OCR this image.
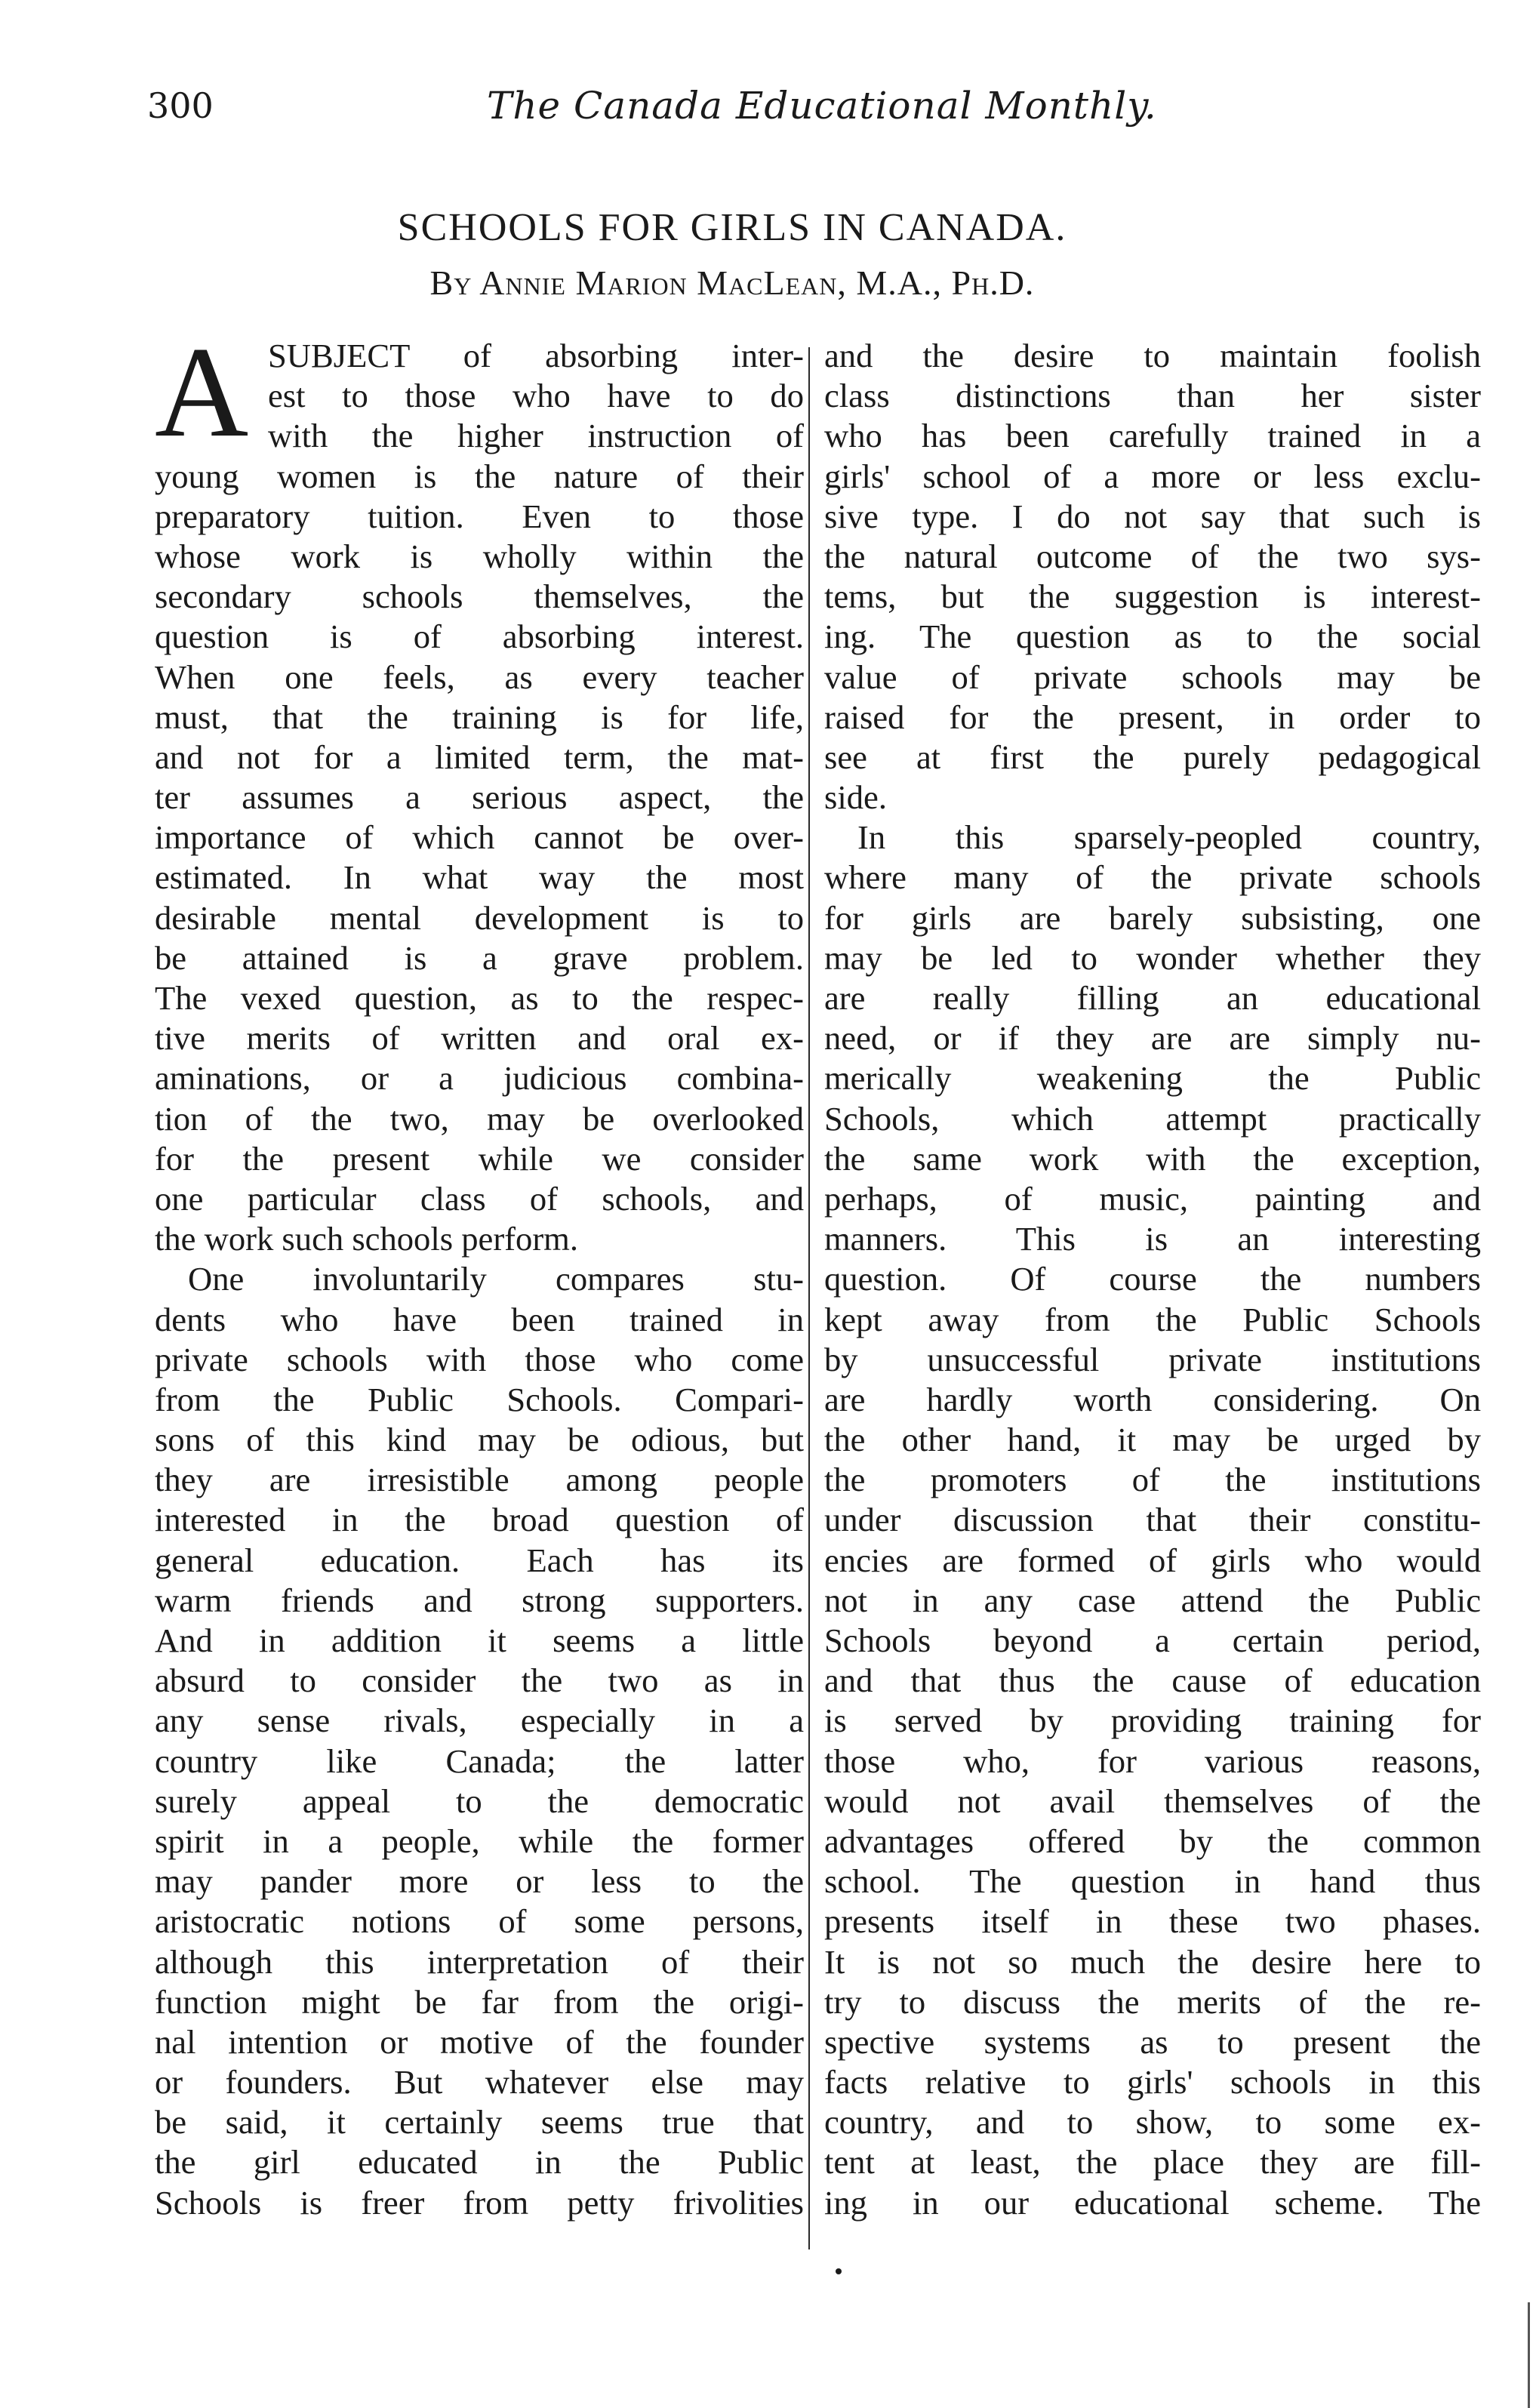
300	The Canada Educational Monthly.
SCHOOLS FOR GIRLS IN CANADA.
By Annie Marion MacLean, M.A., Ph.D.
A SUBJECT of absorbing inter-
est to those who have to do
with the higher instruction of
young women is the nature of their
preparatory tuition. Even to those
whose work is wholly within the
secondary schools themselves, the
question is of absorbing interest.
When one feels, as every teacher
must, that the training is for life,
and not for a limited term, the mat-
ter assumes a serious aspect, the
importance of which cannot be over-
estimated. In what way the most
desirable mental development is to
be attained is a grave problem.
The vexed question, as to the respec-
tive merits of written and oral ex-
aminations, or a judicious combina-
tion of the two, may be overlooked
for the present while we consider
one particular class of schools, and
the work such schools perform.
One involuntarily compares stu-
dents who have been trained in
private schools with those who come
from the Public Schools. Compari-
sons of this kind may be odious, but
they are irresistible among people
interested in the broad question of
general education. Each has its
warm friends and strong supporters.
And in addition it seems a little
absurd to consider the two as in
any sense rivals, especially in a
country like Canada; the latter
surely appeal to the democratic
spirit in a people, while the former
may pander more or less to the
aristocratic notions of some persons,
although this interpretation of their
function might be far from the origi-
nal intention or motive of the founder
or founders. But whatever else may
be said, it certainly seems true that
the girl educated in the Public
Schools is freer from petty frivolities
and the desire to maintain foolish
class distinctions than her sister
who has been carefully trained in a
girls' school of a more or less exclu-
sive type. I do not say that such is
the natural outcome of the two sys-
tems, but the suggestion is interest-
ing. The question as to the social
value of private schools may be
raised for the present, in order to
see at first the purely pedagogical
side.
In this sparsely-peopled country,
where many of the private schools
for girls are barely subsisting, one
may be led to wonder whether they
are really filling an educational
need, or if they are are simply nu-
merically weakening the Public
Schools, which attempt practically
the same work with the exception,
perhaps, of music, painting and
manners. This is an interesting
question. Of course the numbers
kept away from the Public Schools
by unsuccessful private institutions
are hardly worth considering. On
the other hand, it may be urged by
the promoters of the institutions
under discussion that their constitu-
encies are formed of girls who would
not in any case attend the Public
Schools beyond a certain period,
and that thus the cause of education
is served by providing training for
those who, for various reasons,
would not avail themselves of the
advantages offered by the common
school. The question in hand thus
presents itself in these two phases.
It is not so much the desire here to
try to discuss the merits of the re-
spective systems as to present the
facts relative to girls' schools in this
country, and to show, to some ex-
tent at least, the place they are fill-
ing in our educational scheme. The
